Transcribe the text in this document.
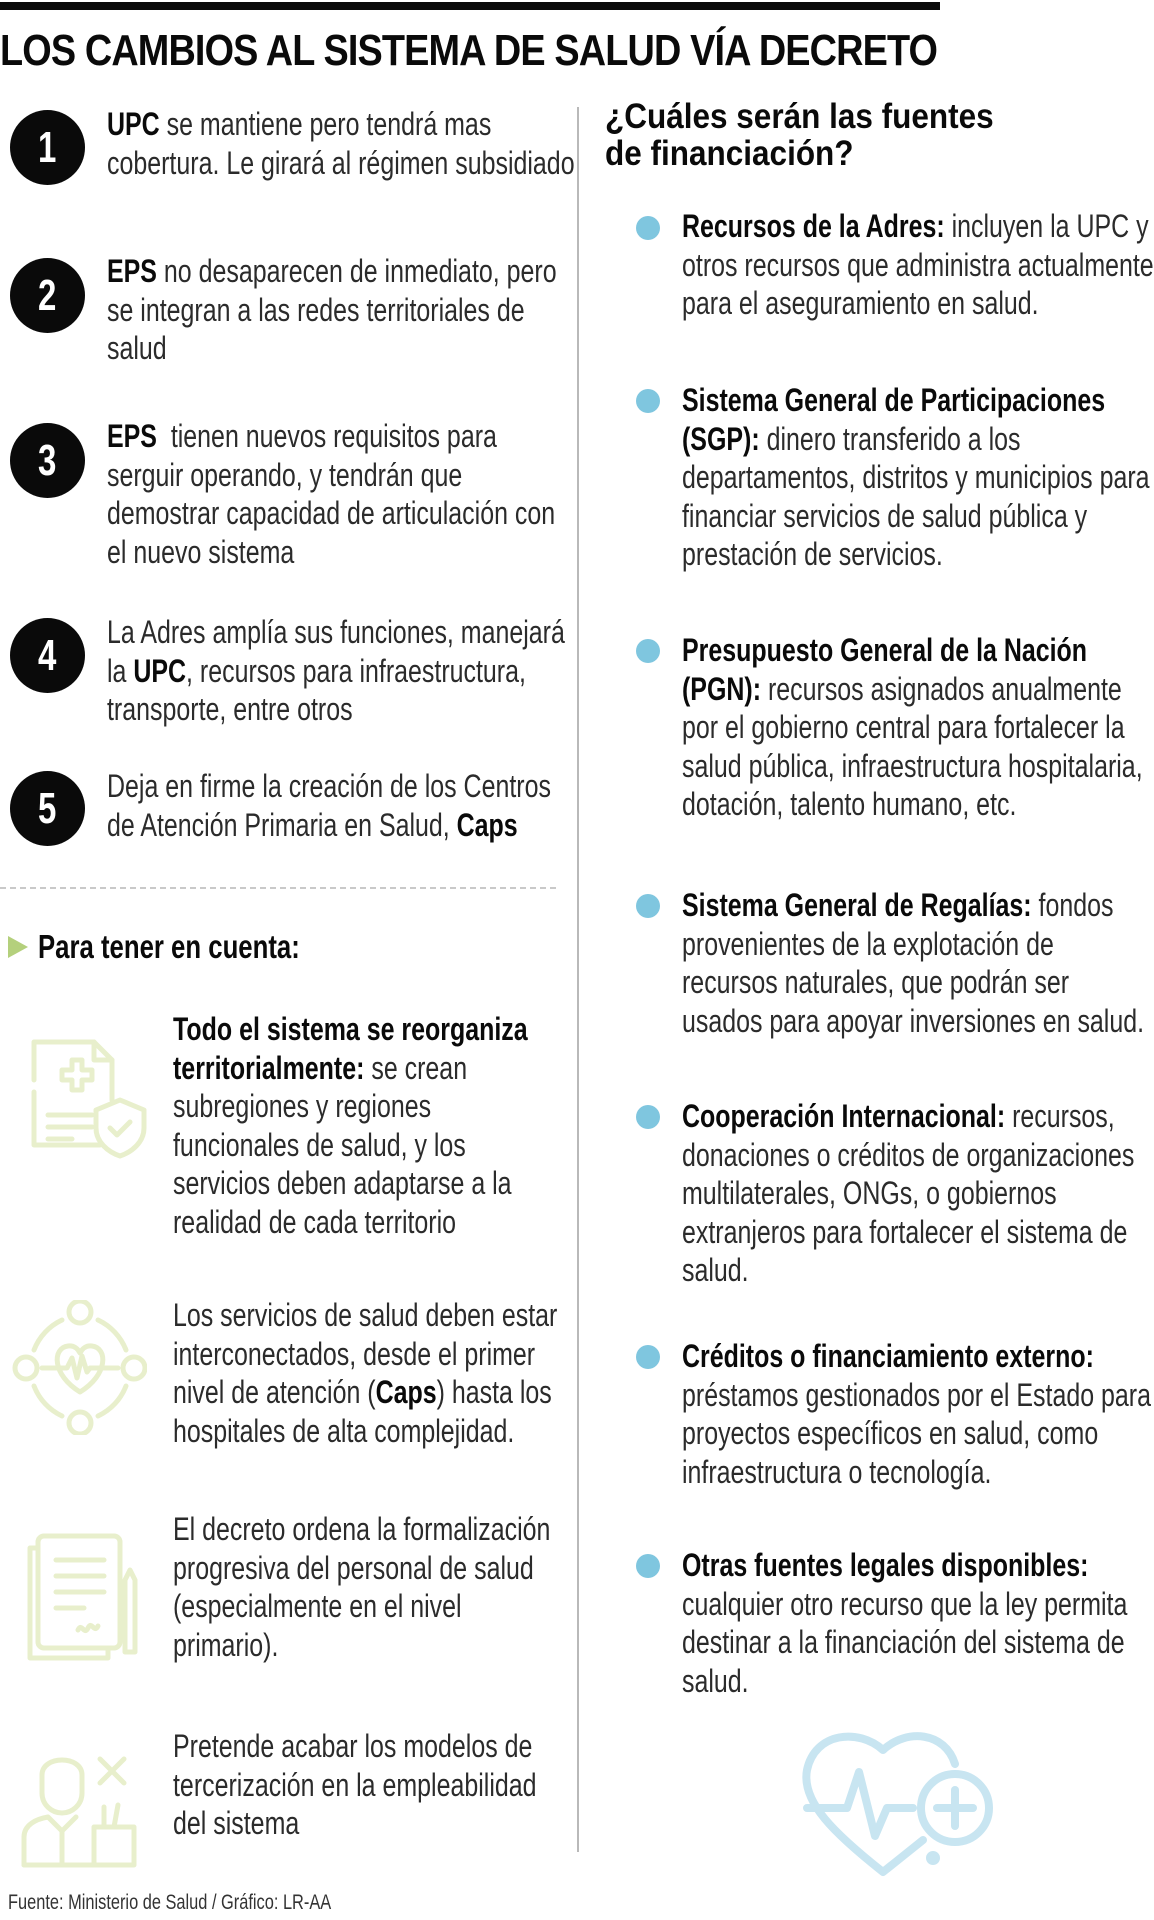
LOS CAMBIOS AL SISTEMA DE SALUD VÍA DECRETO
1 UPC se mantiene pero tendrá mas cobertura. Le girará al régimen subsidiado
2 EPS no desaparecen de inmediato, pero se integran a las redes territoriales de salud
3 EPS  tienen nuevos requisitos para serguir operando, y tendrán que demostrar capacidad de articulación con el nuevo sistema
4 La Adres amplía sus funciones, manejará la UPC, recursos para infraestructura, transporte, entre otros
5 Deja en firme la creación de los Centros de Atención Primaria en Salud, Caps
Para tener en cuenta:
Todo el sistema se reorganiza territorialmente: se crean subregiones y regiones funcionales de salud, y los servicios deben adaptarse a la realidad de cada territorio
Los servicios de salud deben estar interconectados, desde el primer nivel de atención (Caps) hasta los hospitales de alta complejidad.
El decreto ordena la formalización progresiva del personal de salud (especialmente en el nivel primario).
Pretende acabar los modelos de tercerización en la empleabilidad del sistema
¿Cuáles serán las fuentes
de financiación?
Recursos de la Adres: incluyen la UPC y otros recursos que administra actualmente para el aseguramiento en salud.
Sistema General de Participaciones (SGP): dinero transferido a los departamentos, distritos y municipios para financiar servicios de salud pública y prestación de servicios.
Presupuesto General de la Nación (PGN): recursos asignados anualmente por el gobierno central para fortalecer la salud pública, infraestructura hospitalaria, dotación, talento humano, etc.
Sistema General de Regalías: fondos provenientes de la explotación de recursos naturales, que podrán ser usados para apoyar inversiones en salud.
Cooperación Internacional: recursos, donaciones o créditos de organizaciones multilaterales, ONGs, o gobiernos extranjeros para fortalecer el sistema de salud.
Créditos o financiamiento externo: préstamos gestionados por el Estado para proyectos específicos en salud, como infraestructura o tecnología.
Otras fuentes legales disponibles: cualquier otro recurso que la ley permita destinar a la financiación del sistema de salud.
Fuente: Ministerio de Salud / Gráfico: LR-AA
